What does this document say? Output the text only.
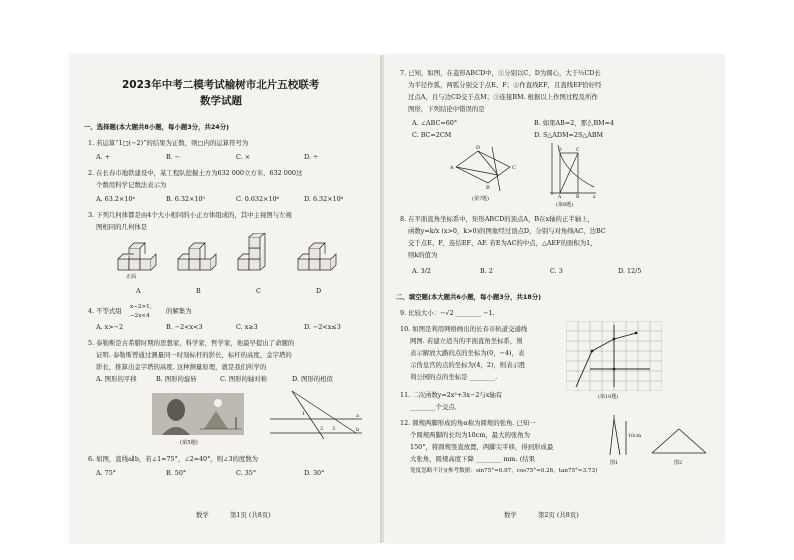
2023年中考二模考试榆树市北片五校联考
数学试题
一、选择题(本大题共8小题，每小题3分，共24分)
1. 若运算“1□(−2)”的结果为正数，则□内的运算符号为
A. +	B. −	C. ×	D. ÷
2. 在长春市地铁建设中，某工程队挖掘土方为632 000立方米，632 000这
个数用科学记数法表示为
A. 63.2×10⁴	B. 6.32×10⁵	C. 0.632×10⁶	D. 6.32×10⁶
3. 下列几何体都是由4个大小相同的小正方体组成的，其中主视图与左视
图相同的几何体是
正面
A	B	C	D
4. 不等式组 x−2>1,
−2x<4
的解集为
A. x>−2	B. −2<x<3	C. x≥3	D. −2<x≤3
5. 泰勒斯是古希腊时期的思想家、科学家，哲学家，他最早提出了命题的
证明. 泰勒斯曾通过测量同一时刻标杆的影长，标杆的高度，金字塔的
影长，推算出金字塔的高度. 这种测量原理，就是我们所学的
A. 图形的平移	B. 图形的旋转	C. 图形的轴对称	D. 图形的相似
(第5题)
a
b
1
2 3
6. 如图，直线a∥b，若∠1=75°，∠2=40°，则∠3的度数为
A. 75°	B. 50°	C. 35°	D. 30°
数学	第1页 (共8页)
7. 已知，如图，在菱形ABCD中，①分别以C、D为圆心，大于½CD长
为半径作弧，两弧分别交于点E、F；②作直线EF，且直线EF恰好经
过点A，且与边CD交于点M；③连接BM. 根据以上作图过程及所作
图形，下列结论中错误的是
A. ∠ABC=60°	B. 如果AB=2，那么BM=4
C. BC=2CM	D. S△ADM=2S△ABM
A
D
C
B
(第7题)
C
D
A	B	x
(第8题)
8. 在平面直角坐标系中，矩形ABCD的顶点A，B在x轴的正半轴上，
函数y=k/x (x>0，k>0)的图象经过顶点D，分别与对角线AC、边BC
交于点E、F，连结EF、AF. 若E为AC的中点，△AEF的面积为1，
则k的值为
A. 3/2	B. 2	C. 3	D. 12/5
二、填空题(本大题共6小题，每小题3分，共18分)
9. 比较大小：−√2 ________ −1.
10. 如图是利用网格画出的长春市轨道交通线
网图. 若建立适当的平面直角坐标系，则
表示解放大路的点的坐标为(0，−4)，表
示伪皇宫的点的坐标为(4，2)，则表示胜
利公园的点的坐标是 ________.
(第10题)
11. 二次函数y=2x²+3x−2与x轴有
________个交点.
12. 圆规两脚形成的角α称为圆规的张角. 已知一
个圆规两脚的长均为10cm，最大的张角为
150°，将圆规竖直放置，两脚尖平移，得到形成最
大张角，圆规高度下降 ________ mm. (结果
宽度忽略不计)(参考数据：sin75°≈0.97，cos75°≈0.26，tan75°≈3.73)
10cm
图1	图2
数学	第2页 (共8页)
